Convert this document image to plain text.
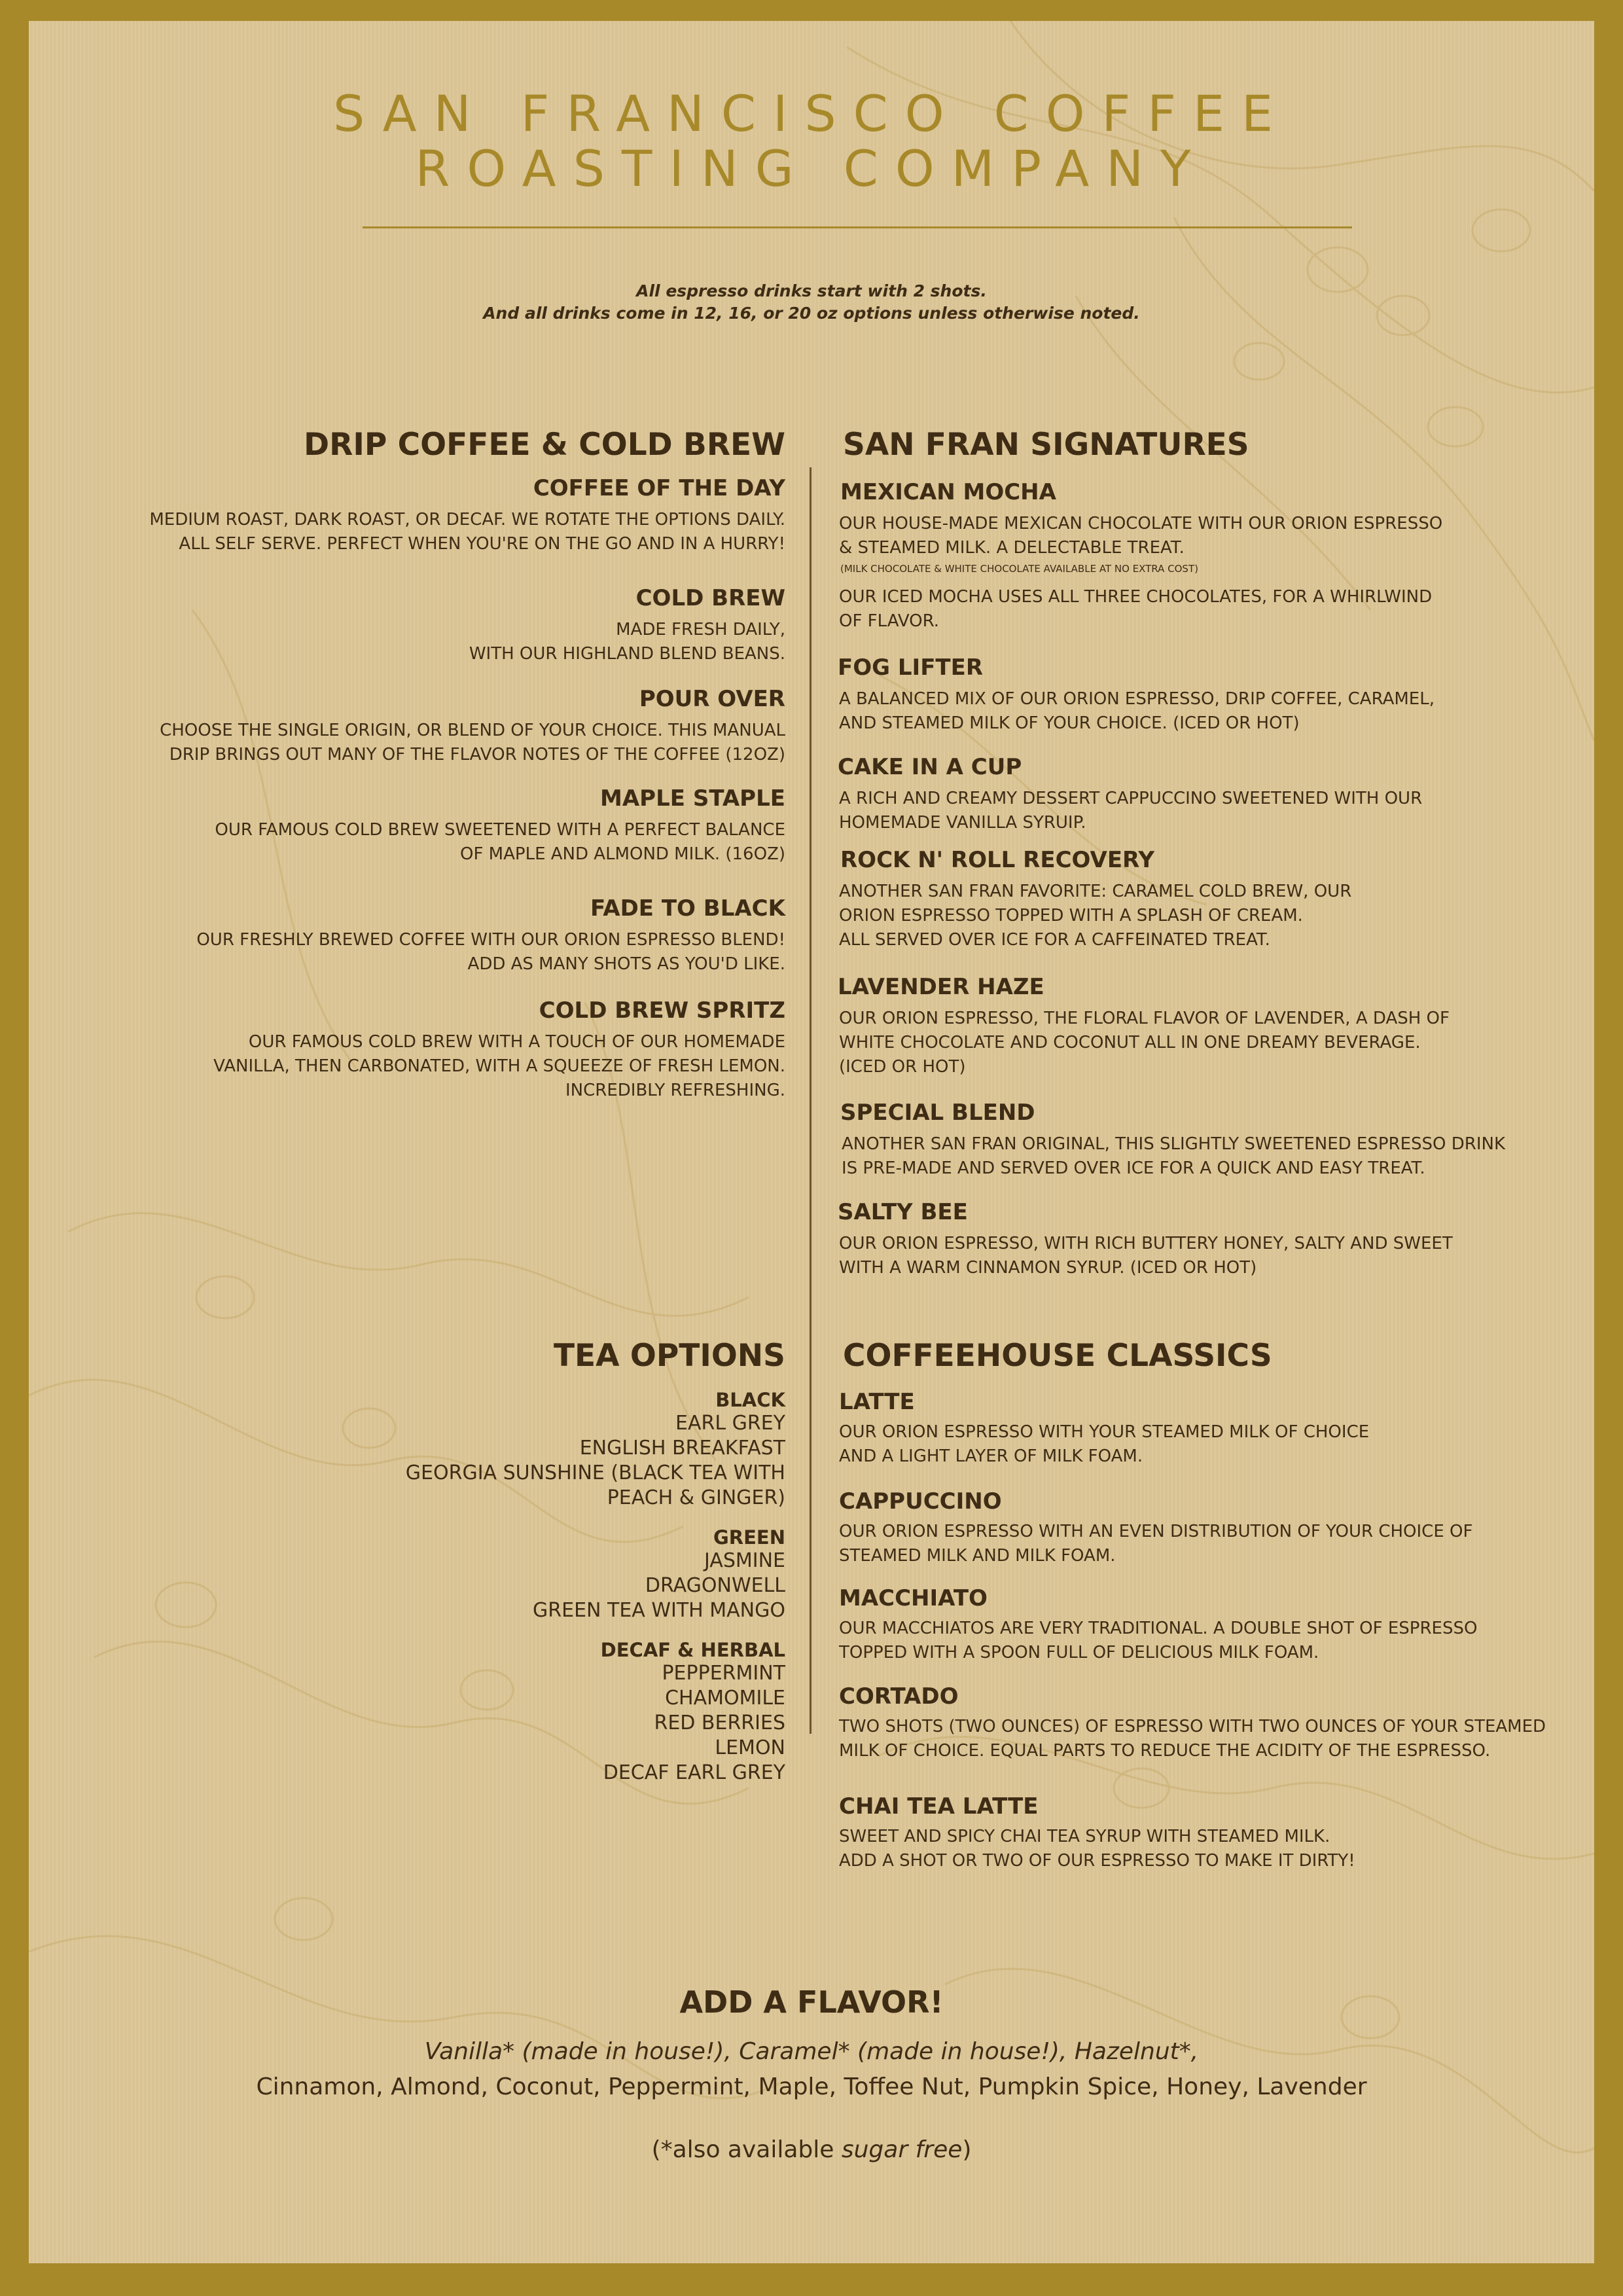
SAN FRANCISCO COFFEE
ROASTING COMPANY
All espresso drinks start with 2 shots.
And all drinks come in 12, 16, or 20 oz options unless otherwise noted.
DRIP COFFEE & COLD BREW
COFFEE OF THE DAY
MEDIUM ROAST, DARK ROAST, OR DECAF. WE ROTATE THE OPTIONS DAILY.
ALL SELF SERVE. PERFECT WHEN YOU'RE ON THE GO AND IN A HURRY!
COLD BREW
MADE FRESH DAILY,
WITH OUR HIGHLAND BLEND BEANS.
POUR OVER
CHOOSE THE SINGLE ORIGIN, OR BLEND OF YOUR CHOICE. THIS MANUAL
DRIP BRINGS OUT MANY OF THE FLAVOR NOTES OF THE COFFEE (12OZ)
MAPLE STAPLE
OUR FAMOUS COLD BREW SWEETENED WITH A PERFECT BALANCE
OF MAPLE AND ALMOND MILK. (16OZ)
FADE TO BLACK
OUR FRESHLY BREWED COFFEE WITH OUR ORION ESPRESSO BLEND!
ADD AS MANY SHOTS AS YOU'D LIKE.
COLD BREW SPRITZ
OUR FAMOUS COLD BREW WITH A TOUCH OF OUR HOMEMADE
VANILLA, THEN CARBONATED, WITH A SQUEEZE OF FRESH LEMON.
INCREDIBLY REFRESHING.
SAN FRAN SIGNATURES
MEXICAN MOCHA
OUR HOUSE-MADE MEXICAN CHOCOLATE WITH OUR ORION ESPRESSO
& STEAMED MILK. A DELECTABLE TREAT.
(MILK CHOCOLATE & WHITE CHOCOLATE AVAILABLE AT NO EXTRA COST)
OUR ICED MOCHA USES ALL THREE CHOCOLATES, FOR A WHIRLWIND
OF FLAVOR.
FOG LIFTER
A BALANCED MIX OF OUR ORION ESPRESSO, DRIP COFFEE, CARAMEL,
AND STEAMED MILK OF YOUR CHOICE. (ICED OR HOT)
CAKE IN A CUP
A RICH AND CREAMY DESSERT CAPPUCCINO SWEETENED WITH OUR
HOMEMADE VANILLA SYRUIP.
ROCK N' ROLL RECOVERY
ANOTHER SAN FRAN FAVORITE: CARAMEL COLD BREW, OUR
ORION ESPRESSO TOPPED WITH A SPLASH OF CREAM.
ALL SERVED OVER ICE FOR A CAFFEINATED TREAT.
LAVENDER HAZE
OUR ORION ESPRESSO, THE FLORAL FLAVOR OF LAVENDER, A DASH OF
WHITE CHOCOLATE AND COCONUT ALL IN ONE DREAMY BEVERAGE.
(ICED OR HOT)
SPECIAL BLEND
ANOTHER SAN FRAN ORIGINAL, THIS SLIGHTLY SWEETENED ESPRESSO DRINK
IS PRE-MADE AND SERVED OVER ICE FOR A QUICK AND EASY TREAT.
SALTY BEE
OUR ORION ESPRESSO, WITH RICH BUTTERY HONEY, SALTY AND SWEET
WITH A WARM CINNAMON SYRUP. (ICED OR HOT)
TEA OPTIONS
BLACK
EARL GREY
ENGLISH BREAKFAST
GEORGIA SUNSHINE (BLACK TEA WITH
PEACH & GINGER)
GREEN
JASMINE
DRAGONWELL
GREEN TEA WITH MANGO
DECAF & HERBAL
PEPPERMINT
CHAMOMILE
RED BERRIES
LEMON
DECAF EARL GREY
COFFEEHOUSE CLASSICS
LATTE
OUR ORION ESPRESSO WITH YOUR STEAMED MILK OF CHOICE
AND A LIGHT LAYER OF MILK FOAM.
CAPPUCCINO
OUR ORION ESPRESSO WITH AN EVEN DISTRIBUTION OF YOUR CHOICE OF
STEAMED MILK AND MILK FOAM.
MACCHIATO
OUR MACCHIATOS ARE VERY TRADITIONAL. A DOUBLE SHOT OF ESPRESSO
TOPPED WITH A SPOON FULL OF DELICIOUS MILK FOAM.
CORTADO
TWO SHOTS (TWO OUNCES) OF ESPRESSO WITH TWO OUNCES OF YOUR STEAMED
MILK OF CHOICE. EQUAL PARTS TO REDUCE THE ACIDITY OF THE ESPRESSO.
CHAI TEA LATTE
SWEET AND SPICY CHAI TEA SYRUP WITH STEAMED MILK.
ADD A SHOT OR TWO OF OUR ESPRESSO TO MAKE IT DIRTY!
ADD A FLAVOR!
Vanilla* (made in house!), Caramel* (made in house!), Hazelnut*,
Cinnamon, Almond, Coconut, Peppermint, Maple, Toffee Nut, Pumpkin Spice, Honey, Lavender
(*also available sugar free)
